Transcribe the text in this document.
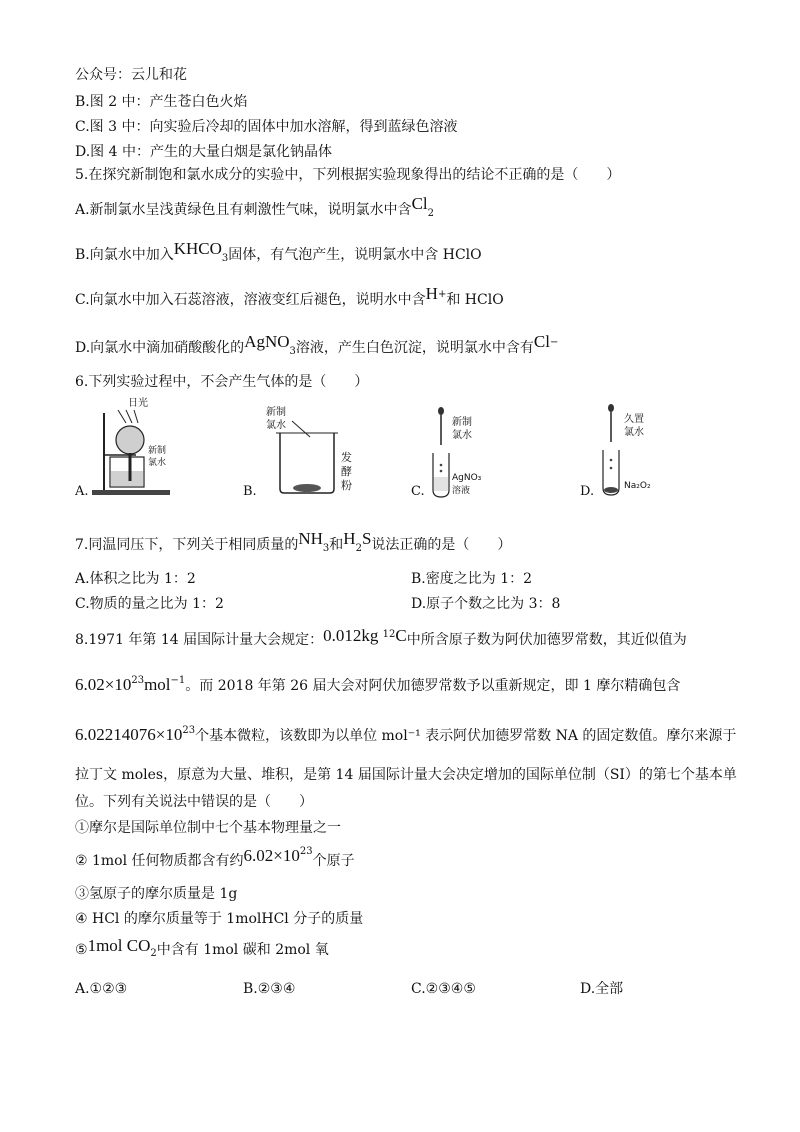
公众号：云儿和花
B.图 2 中：产生苍白色火焰
C.图 3 中：向实验后冷却的固体中加水溶解，得到蓝绿色溶液
D.图 4 中：产生的大量白烟是氯化钠晶体
5.在探究新制饱和氯水成分的实验中，下列根据实验现象得出的结论不正确的是（　　）
A.新制氯水呈浅黄绿色且有刺激性气味，说明氯水中含$Cl_2$
B.向氯水中加入$KHCO_3$固体，有气泡产生，说明氯水中含 HClO
C.向氯水中加入石蕊溶液，溶液变红后褪色，说明水中含H+和 HClO
D.向氯水中滴加硝酸酸化的AgNO$_3$溶液，产生白色沉淀，说明氯水中含有Cl−
6.下列实验过程中，不会产生气体的是（　　）
日光
新制
氯水
A.
新制
氯水
发
酵
粉
B.
新制
氯水
AgNO₃
溶液
C.
久置
氯水
Na₂O₂
D.
7.同温同压下，下列关于相同质量的$NH_3$和$H_2S$说法正确的是（　　）
A.体积之比为 1：2	B.密度之比为 1：2
C.物质的量之比为 1：2	D.原子个数之比为 3：8
8.1971 年第 14 届国际计量大会规定：0.012kg $^{12}$C中所含原子数为阿伏加德罗常数，其近似值为
$6.02\times 10^{23}mol^{-1}$。而 2018 年第 26 届大会对阿伏加德罗常数予以重新规定，即 1 摩尔精确包含
$6.02214076\times 10^{23}$个基本微粒，该数即为以单位 mol⁻¹ 表示阿伏加德罗常数 NA 的固定数值。摩尔来源于
拉丁文 moles，原意为大量、堆积，是第 14 届国际计量大会决定增加的国际单位制（SI）的第七个基本单
位。下列有关说法中错误的是（　　）
①摩尔是国际单位制中七个基本物理量之一
② 1mol 任何物质都含有约$6.02\times 10^{23}$个原子
③氢原子的摩尔质量是 1g
④ HCl 的摩尔质量等于 1molHCl 分子的质量
⑤1mol $CO_2$中含有 1mol 碳和 2mol 氧
A.①②③	B.②③④	C.②③④⑤	D.全部
